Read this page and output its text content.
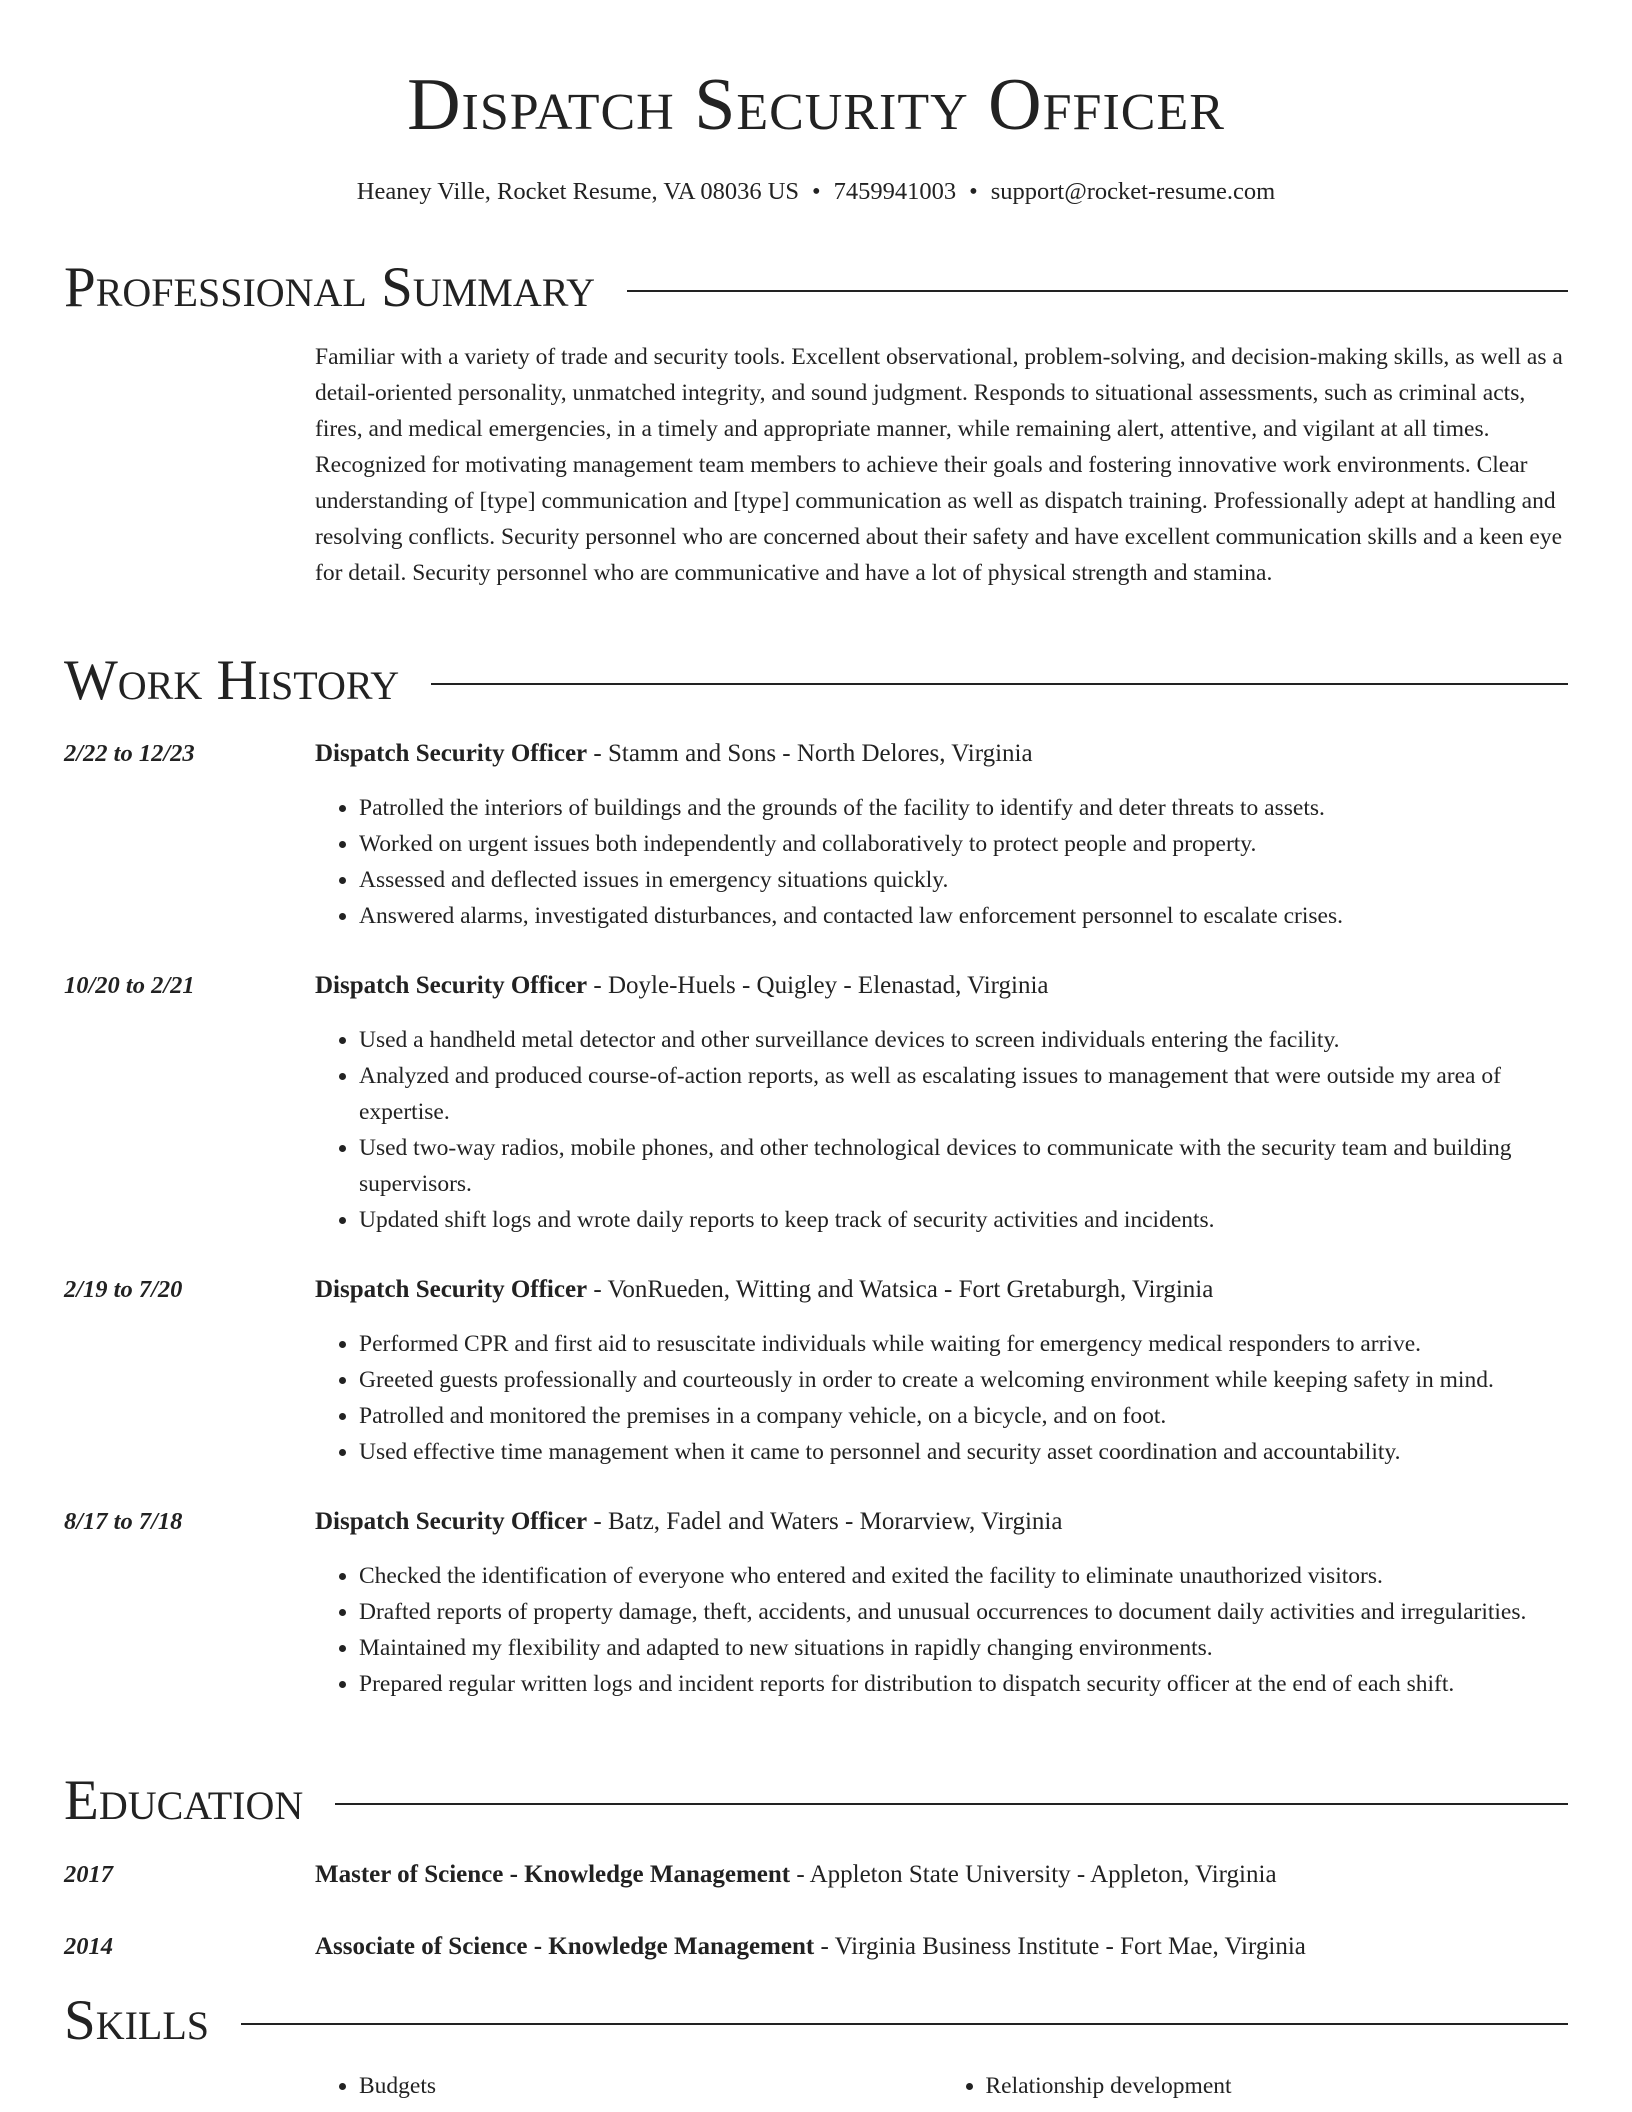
Dispatch Security Officer
Heaney Ville, Rocket Resume, VA 08036 US • 7459941003 • support@rocket-resume.com
Professional Summary

Familiar with a variety of trade and security tools. Excellent observational, problem-solving, and decision-making skills, as well as a detail-oriented personality, unmatched integrity, and sound judgment. Responds to situational assessments, such as criminal acts, fires, and medical emergencies, in a timely and appropriate manner, while remaining alert, attentive, and vigilant at all times. Recognized for motivating management team members to achieve their goals and fostering innovative work environments. Clear understanding of [type] communication and [type] communication as well as dispatch training. Professionally adept at handling and resolving conflicts. Security personnel who are concerned about their safety and have excellent communication skills and a keen eye for detail. Security personnel who are communicative and have a lot of physical strength and stamina.

Work History
2/22 to 12/23	Dispatch Security Officer - Stamm and Sons - North Delores, Virginia
• Patrolled the interiors of buildings and the grounds of the facility to identify and deter threats to assets.
• Worked on urgent issues both independently and collaboratively to protect people and property.
• Assessed and deflected issues in emergency situations quickly.
• Answered alarms, investigated disturbances, and contacted law enforcement personnel to escalate crises.
10/20 to 2/21	Dispatch Security Officer - Doyle-Huels - Quigley - Elenastad, Virginia
• Used a handheld metal detector and other surveillance devices to screen individuals entering the facility.
• Analyzed and produced course-of-action reports, as well as escalating issues to management that were outside my area of expertise.
• Used two-way radios, mobile phones, and other technological devices to communicate with the security team and building supervisors.
• Updated shift logs and wrote daily reports to keep track of security activities and incidents.
2/19 to 7/20	Dispatch Security Officer - VonRueden, Witting and Watsica - Fort Gretaburgh, Virginia
• Performed CPR and first aid to resuscitate individuals while waiting for emergency medical responders to arrive.
• Greeted guests professionally and courteously in order to create a welcoming environment while keeping safety in mind.
• Patrolled and monitored the premises in a company vehicle, on a bicycle, and on foot.
• Used effective time management when it came to personnel and security asset coordination and accountability.
8/17 to 7/18	Dispatch Security Officer - Batz, Fadel and Waters - Morarview, Virginia
• Checked the identification of everyone who entered and exited the facility to eliminate unauthorized visitors.
• Drafted reports of property damage, theft, accidents, and unusual occurrences to document daily activities and irregularities.
• Maintained my flexibility and adapted to new situations in rapidly changing environments.
• Prepared regular written logs and incident reports for distribution to dispatch security officer at the end of each shift.
Education
2017	Master of Science - Knowledge Management - Appleton State University - Appleton, Virginia
2014	Associate of Science - Knowledge Management - Virginia Business Institute - Fort Mae, Virginia
Skills
• Budgets
•	Relationship development
